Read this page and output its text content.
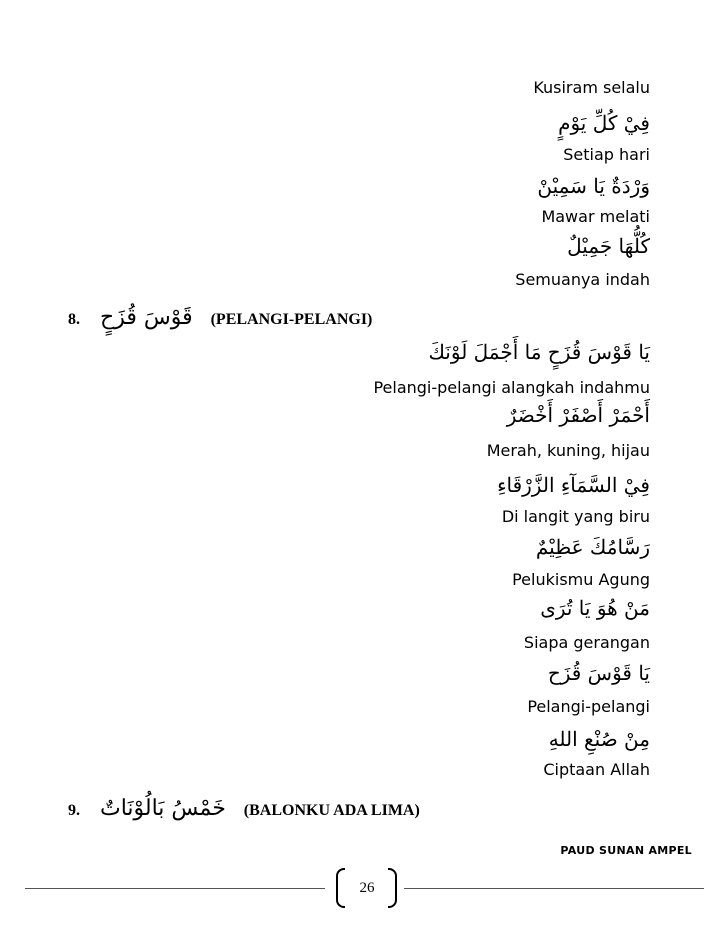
Kusiram selalu
فِيْ كُلِّ يَوْمٍ
Setiap hari
وَرْدَةٌ يَا سَمِيْنْ
Mawar melati
كُلُّهَا جَمِيْلٌ
Semuanya indah
8. قَوْسَ قُزَحٍ (PELANGI-PELANGI)
يَا قَوْسَ قُزَحٍ مَا أَجْمَلَ لَوْنَكَ
Pelangi-pelangi alangkah indahmu
أَحْمَرْ أَصْفَرْ أَخْضَرٌ
Merah, kuning, hijau
فِيْ السَّمَآءِ الزَّرْقَاءِ
Di langit yang biru
رَسَّامُكَ عَظِيْمٌ
Pelukismu Agung
مَنْ هُوَ يَا تُرَى
Siapa gerangan
يَا قَوْسَ قُزَح
Pelangi-pelangi
مِنْ صُنْعِ اللهِ
Ciptaan Allah
9. خَمْسُ بَالُوْنَاتٌ (BALONKU ADA LIMA)
PAUD SUNAN AMPEL
26
